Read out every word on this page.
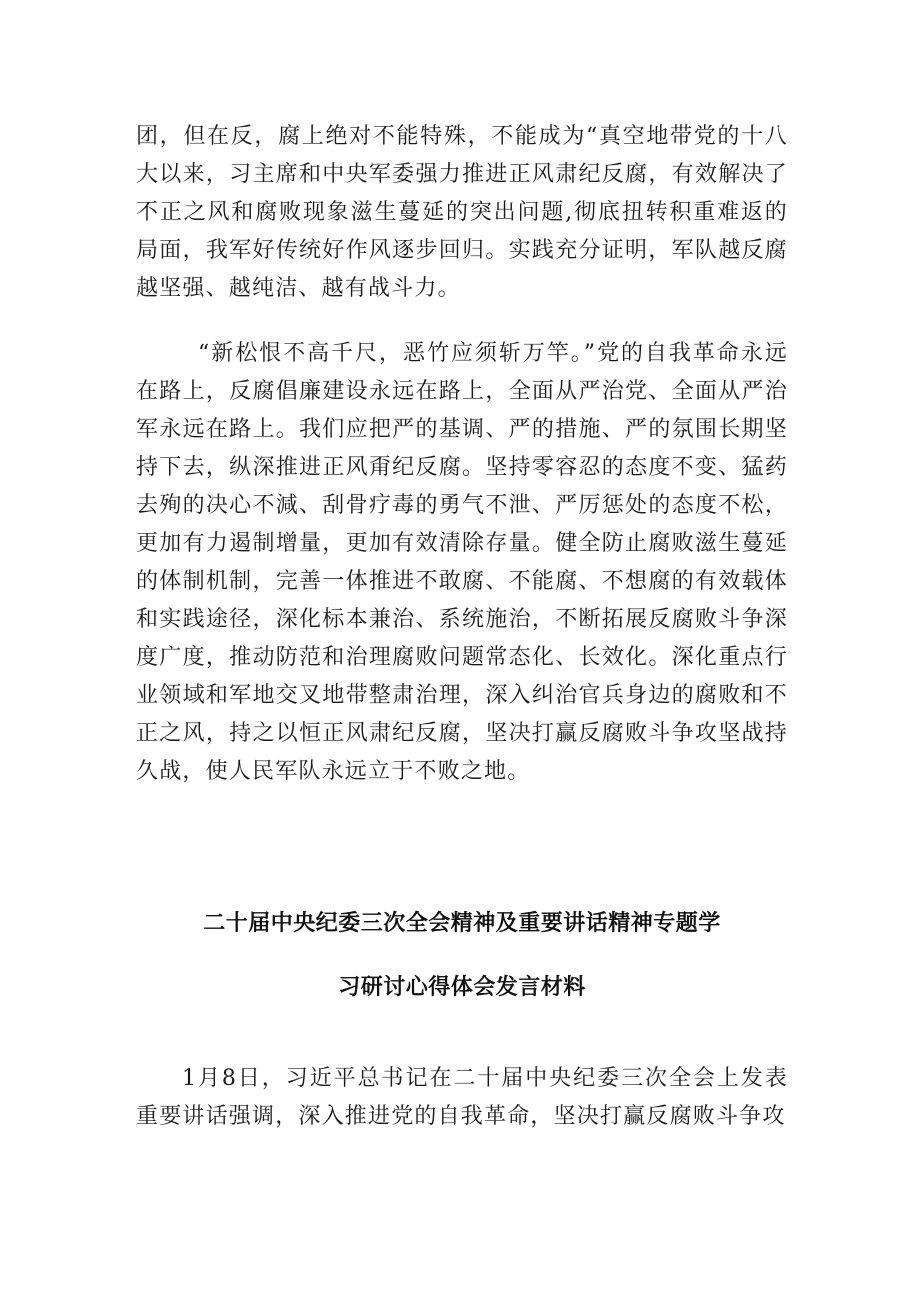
团，但在反，腐上绝对不能特殊，不能成为“真空地带党的十八大以来，习主席和中央军委强力推进正风肃纪反腐，有效解决了不正之风和腐败现象滋生蔓延的突出问题,彻底扭转积重难返的局面，我军好传统好作风逐步回归。实践充分证明，军队越反腐越坚强、越纯洁、越有战斗力。

“新松恨不高千尺，恶竹应须斩万竿。”党的自我革命永远在路上，反腐倡廉建设永远在路上，全面从严治党、全面从严治军永远在路上。我们应把严的基调、严的措施、严的氛围长期坚持下去，纵深推进正风甭纪反腐。坚持零容忍的态度不变、猛药去殉的决心不減、刮骨疗毒的勇气不泄、严厉惩处的态度不松，更加有力遏制增量，更加有效清除存量。健全防止腐败滋生蔓延的体制机制，完善一体推进不敢腐、不能腐、不想腐的有效载体和实践途径，深化标本兼治、系统施治，不断拓展反腐败斗争深度广度，推动防范和治理腐败问题常态化、长效化。深化重点行业领域和军地交叉地带整肃治理，深入纠治官兵身边的腐败和不正之风，持之以恒正风肃纪反腐，坚决打赢反腐败斗争攻坚战持久战，使人民军队永远立于不败之地。

二十届中央纪委三次全会精神及重要讲话精神专题学

习研讨心得体会发言材料

1月8日，习近平总书记在二十届中央纪委三次全会上发表重要讲话强调，深入推进党的自我革命，坚决打赢反腐败斗争攻
